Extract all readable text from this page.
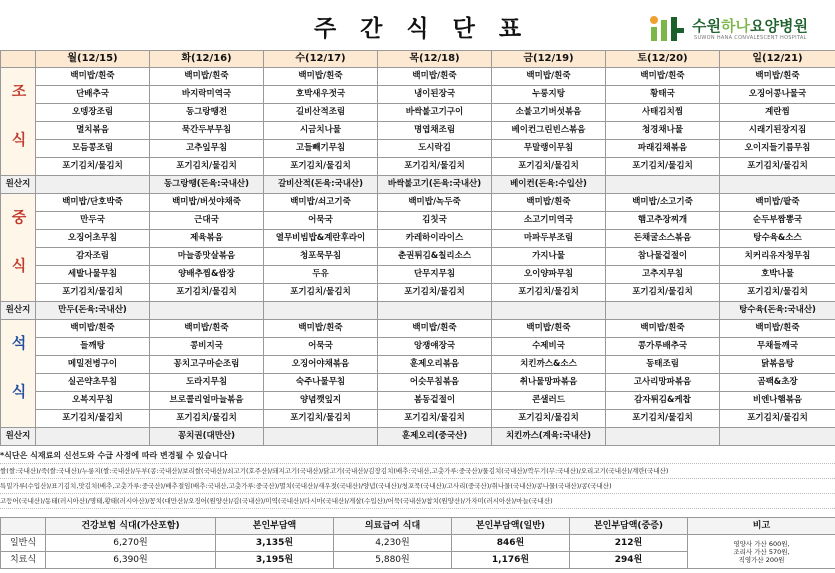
주 간 식 단 표	수원하나요양병원
SUWON HANA CONVALESCENT HOSPITAL
	월(12/15)	화(12/16)	수(12/17)	목(12/18)	금(12/19)	토(12/20)	일(12/21)
조 식	백미밥/흰죽	백미밥/흰죽	백미밥/흰죽	백미밥/흰죽	백미밥/흰죽	백미밥/흰죽	백미밥/흰죽
	단배추국	바지락미역국	호박새우젓국	냉이된장국	누룽지탕	황태국	오징어콩나물국
	오뎅장조림	동그랑땡전	길비산적조림	바싹불고기구이	소불고기버섯볶음	사태김치찜	계란찜
	멸치볶음	묵간두부무침	시금치나물	명엽채조림	베이컨그린빈스볶음	청경채나물	시래기된장지짐
	모듬콩조림	고추잎무침	고들빼기무침	도시락김	무말랭이무침	파래김채볶음	오이지들기름무침
	포기김치/물김치	포기김치/물김치	포기김치/물김치	포기김치/물김치	포기김치/물김치	포기김치/물김치	포기김치/물김치
원산지		동그랑땡(돈육:국내산)	갈비산적(돈육:국내산)	바싹불고기(돈육:국내산)	베이컨(돈육:수입산)		
중 식	백미밥/단호박죽	백미밥/버섯야채죽	백미밥/쇠고기죽	백미밥/녹두죽	백미밥/흰죽	백미밥/소고기죽	백미밥/팥죽
	만두국	근대국	어묵국	김칫국	소고기미역국	햄고추장찌개	순두부짬뽕국
	오징어초무침	제육볶음	열무비빔밥&계란후라이	카레하이라이스	마파두부조림	돈채굴소스볶음	탕수육&소스
	감자조림	마늘종맛살볶음	청포묵무침	춘권튀김&칠리소스	가지나물	참나물겉절이	치커리유자청무침
	세발나물무침	양배추찜&쌈장	두유	단무지무침	오이양파무침	고추지무침	호박나물
	포기김치/물김치	포기김치/물김치	포기김치/물김치	포기김치/물김치	포기김치/물김치	포기김치/물김치	포기김치/물김치
원산지	만두(돈육:국내산)						탕수육(돈육:국내산)
석 식	백미밥/흰죽	백미밥/흰죽	백미밥/흰죽	백미밥/흰죽	백미밥/흰죽	백미밥/흰죽	백미밥/흰죽
	들깨탕	콩비지국	어묵국	앙쟁얘장국	수제비국	콩가루배추국	무채들깨국
	메밀전병구이	꽁치고구마순조림	오징어야채볶음	훈제오리볶음	치킨까스&소스	동태조림	닭볶음탕
	실곤약초무침	도라지무침	숙주나물무침	어슷무침볶음	취나물망파볶음	고사리망파볶음	곰팩&초장
	오복지무침	브로콜리얼마늘볶음	양념깻잎지	봄동겉절이	콘샐러드	감자튀김&케찹	비엔나햄볶음
	포기김치/물김치	포기김치/물김치	포기김치/물김치	포기김치/물김치	포기김치/물김치	포기김치/물김치	포기김치/물김치
원산지		꽁치권(대만산)		훈제오리(중국산)	치킨까스(계육:국내산)		
*식단은 식재료의 신선도와 수급 사정에 따라 변경될 수 있습니다
쌀(쌀:국내산)/죽(쌀:국내산)/누룽지(쌀:국내산)/두부(콩:국내산)/보리쌀(국내산)/쇠고기(호주산)/돼지고기(국내산)/닭고기(국내산)/김장김치(배추:국내산,고춧가루:중국산)/물김치(국내산)/깍두기(무:국내산)/오리고기(국내산)/계란(국내산)
특밀가루(수입산)/표기김치,맛김치(배추,고춧가루:중국산)/배추절임(배추:국내산,고춧가루:중국산)/멸치(국내산)/새우젓(국내산)/양념(국내산)/청포묵(국내산)/고사리(중국산)/취나물(국내산)/콩나물(국내산)/콩(국내산)
고등어(국내산)/동태(러시아산)/명태,황태(러시아산)/꽁치(대만산)/오징어(원양산)/김(국내산)/미역(국내산)/다시마(국내산)/게살(수입산)/어묵(국내산)/참치(원양산)/가자미(러시아산)/마늘(국내산)
	건강보험 식대(가산포함)	본인부담액	의료급여 식대	본인부담액(일반)	본인부담액(중증)	비고
일반식	6,270원	3,135원	4,230원	846원	212원	영양사 가산 600원,
조리사 가산 570원,
직영가산 200원

치료식	6,390원	3,195원	5,880원	1,176원	294원	
